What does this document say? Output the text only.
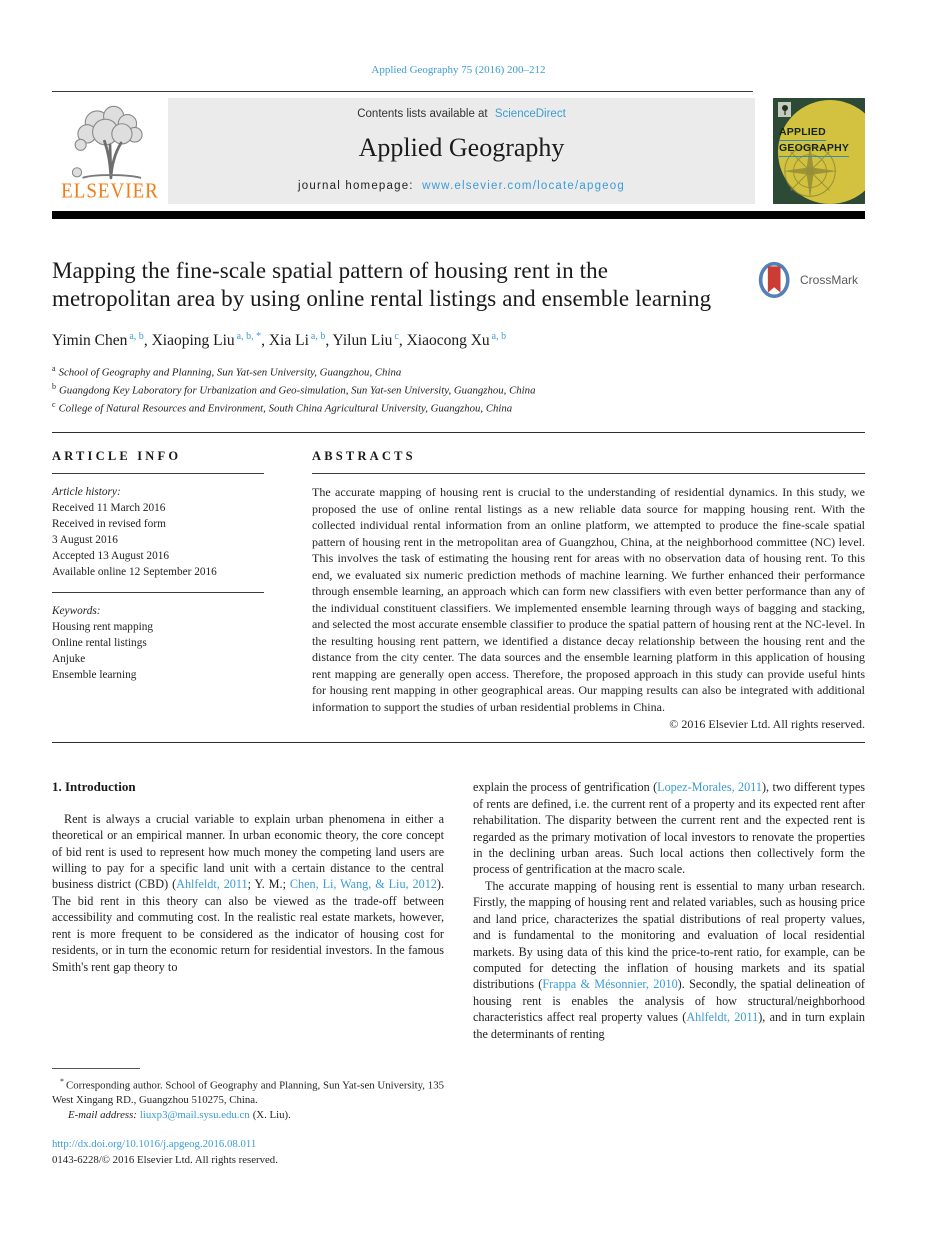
Applied Geography 75 (2016) 200–212
ELSEVIER
Contents lists available at ScienceDirect
Applied Geography
journal homepage: www.elsevier.com/locate/apgeog
APPLIED
GEOGRAPHY
Mapping the fine-scale spatial pattern of housing rent in the metropolitan area by using online rental listings and ensemble learning
CrossMark
Yimin Chen $^{a, b}$, Xiaoping Liu $^{a, b, *}$, Xia Li $^{a, b}$, Yilun Liu $^c$, Xiaocong Xu $^{a, b}$
$^a$ School of Geography and Planning, Sun Yat-sen University, Guangzhou, China
$^b$ Guangdong Key Laboratory for Urbanization and Geo-simulation, Sun Yat-sen University, Guangzhou, China
$^c$ College of Natural Resources and Environment, South China Agricultural University, Guangzhou, China
ARTICLE INFO
Article history:
Received 11 March 2016
Received in revised form
3 August 2016
Accepted 13 August 2016
Available online 12 September 2016
Keywords:
Housing rent mapping
Online rental listings
Anjuke
Ensemble learning
ABSTRACTS
The accurate mapping of housing rent is crucial to the understanding of residential dynamics. In this study, we proposed the use of online rental listings as a new reliable data source for mapping housing rent. With the collected individual rental information from an online platform, we attempted to produce the fine-scale spatial pattern of housing rent in the metropolitan area of Guangzhou, China, at the neighborhood committee (NC) level. This involves the task of estimating the housing rent for areas with no observation data of housing rent. To this end, we evaluated six numeric prediction methods of machine learning. We further enhanced their performance through ensemble learning, an approach which can form new classifiers with even better performance than any of the individual constituent classifiers. We implemented ensemble learning through ways of bagging and stacking, and selected the most accurate ensemble classifier to produce the spatial pattern of housing rent at the NC-level. In the resulting housing rent pattern, we identified a distance decay relationship between the housing rent and the distance from the city center. The data sources and the ensemble learning platform in this application of housing rent mapping are generally open access. Therefore, the proposed approach in this study can provide useful hints for housing rent mapping in other geographical areas. Our mapping results can also be integrated with additional information to support the studies of urban residential problems in China.
© 2016 Elsevier Ltd. All rights reserved.
1. Introduction

Rent is always a crucial variable to explain urban phenomena in either a theoretical or an empirical manner. In urban economic theory, the core concept of bid rent is used to represent how much money the competing land users are willing to pay for a specific land unit with a certain distance to the central business district (CBD) (Ahlfeldt, 2011; Y. M.; Chen, Li, Wang, & Liu, 2012). The bid rent in this theory can also be viewed as the trade-off between accessibility and commuting cost. In the realistic real estate markets, however, rent is more frequent to be considered as the indicator of housing cost for residents, or in turn the economic return for residential investors. In the famous Smith's rent gap theory to

explain the process of gentrification (Lopez-Morales, 2011), two different types of rents are defined, i.e. the current rent of a property and its expected rent after rehabilitation. The disparity between the current rent and the expected rent is regarded as the primary motivation of local investors to renovate the properties in the declining urban areas. Such local actions then collectively form the process of gentrification at the macro scale.

The accurate mapping of housing rent is essential to many urban research. Firstly, the mapping of housing rent and related variables, such as housing price and land price, characterizes the spatial distributions of real property values, and is fundamental to the monitoring and evaluation of local residential markets. By using data of this kind the price-to-rent ratio, for example, can be computed for detecting the inflation of housing markets and its spatial distributions (Frappa & Mésonnier, 2010). Secondly, the spatial delineation of housing rent is enables the analysis of how structural/neighborhood characteristics affect real property values (Ahlfeldt, 2011), and in turn explain the determinants of renting

* Corresponding author. School of Geography and Planning, Sun Yat-sen University, 135 West Xingang RD., Guangzhou 510275, China.

E-mail address: liuxp3@mail.sysu.edu.cn (X. Liu).

http://dx.doi.org/10.1016/j.apgeog.2016.08.011
0143-6228/© 2016 Elsevier Ltd. All rights reserved.
